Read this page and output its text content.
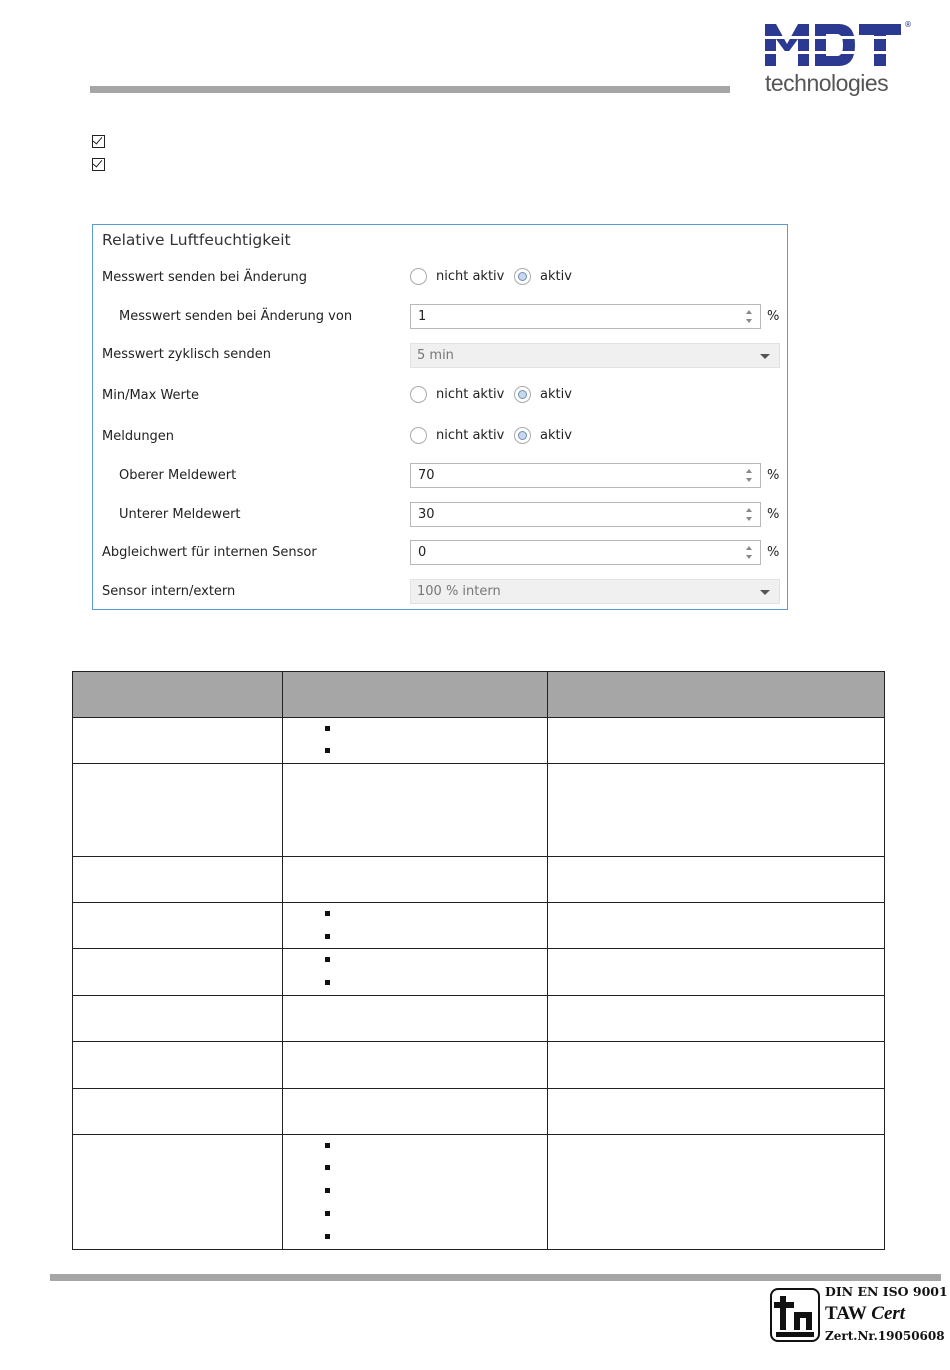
®
technologies
Relative Luftfeuchtigkeit
Messwert senden bei Änderung	nicht aktiv	aktiv
Messwert senden bei Änderung von	1	%
Messwert zyklisch senden	5 min
Min/Max Werte	nicht aktiv	aktiv
Meldungen	nicht aktiv	aktiv
Oberer Meldewert	70	%
Unterer Meldewert	30	%
Abgleichwert für internen Sensor	0	%
Sensor intern/extern	100 % intern
DIN EN ISO 9001
TAW Cert
Zert.Nr.19050608
